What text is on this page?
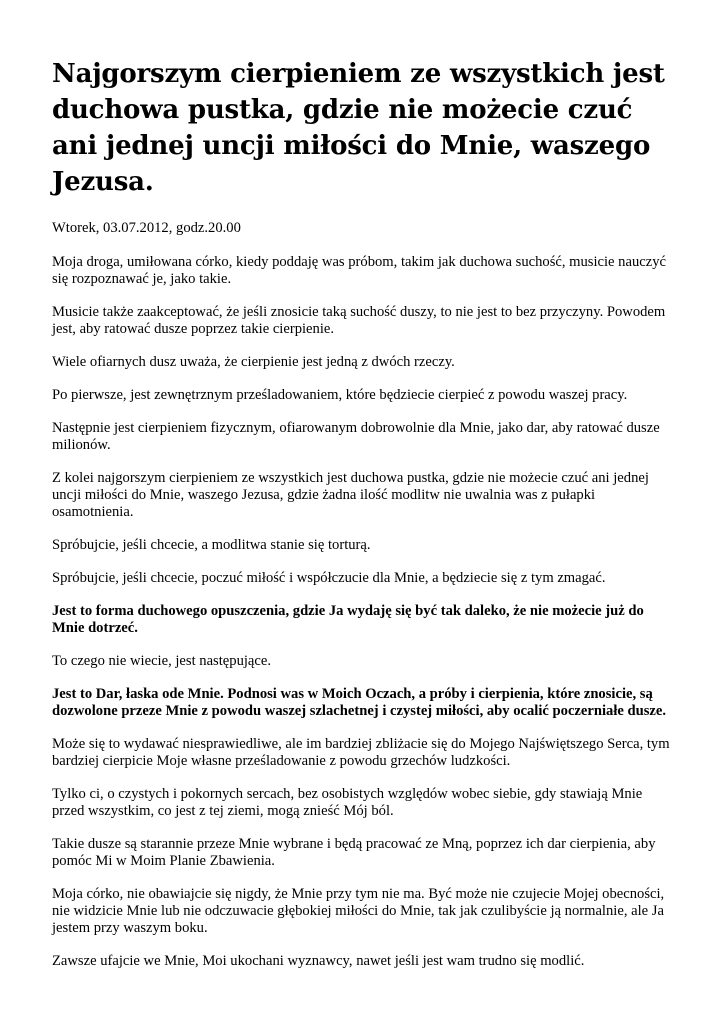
Najgorszym cierpieniem ze wszystkich jest duchowa pustka, gdzie nie możecie czuć ani jednej uncji miłości do Mnie, waszego Jezusa.

Wtorek, 03.07.2012, godz.20.00

Moja droga, umiłowana córko, kiedy poddaję was próbom, takim jak duchowa suchość, musicie nauczyć się rozpoznawać je, jako takie.

Musicie także zaakceptować, że jeśli znosicie taką suchość duszy, to nie jest to bez przyczyny. Powodem jest, aby ratować dusze poprzez takie cierpienie.

Wiele ofiarnych dusz uważa, że cierpienie jest jedną z dwóch rzeczy.

Po pierwsze, jest zewnętrznym prześladowaniem, które będziecie cierpieć z powodu waszej pracy.

Następnie jest cierpieniem fizycznym, ofiarowanym dobrowolnie dla Mnie, jako dar, aby ratować dusze milionów.

Z kolei najgorszym cierpieniem ze wszystkich jest duchowa pustka, gdzie nie możecie czuć ani jednej uncji miłości do Mnie, waszego Jezusa, gdzie żadna ilość modlitw nie uwalnia was z pułapki osamotnienia.

Spróbujcie, jeśli chcecie, a modlitwa stanie się torturą.

Spróbujcie, jeśli chcecie, poczuć miłość i współczucie dla Mnie, a będziecie się z tym zmagać.

Jest to forma duchowego opuszczenia, gdzie Ja wydaję się być tak daleko, że nie możecie już do Mnie dotrzeć.

To czego nie wiecie, jest następujące.

Jest to Dar, łaska ode Mnie. Podnosi was w Moich Oczach, a próby i cierpienia, które znosicie, są dozwolone przeze Mnie z powodu waszej szlachetnej i czystej miłości, aby ocalić poczerniałe dusze.

Może się to wydawać niesprawiedliwe, ale im bardziej zbliżacie się do Mojego Najświętszego Serca, tym bardziej cierpicie Moje własne prześladowanie z powodu grzechów ludzkości.

Tylko ci, o czystych i pokornych sercach, bez osobistych względów wobec siebie, gdy stawiają Mnie przed wszystkim, co jest z tej ziemi, mogą znieść Mój ból.

Takie dusze są starannie przeze Mnie wybrane i będą pracować ze Mną, poprzez ich dar cierpienia, aby pomóc Mi w Moim Planie Zbawienia.

Moja córko, nie obawiajcie się nigdy, że Mnie przy tym nie ma. Być może nie czujecie Mojej obecności, nie widzicie Mnie lub nie odczuwacie głębokiej miłości do Mnie, tak jak czulibyście ją normalnie, ale Ja jestem przy waszym boku.

Zawsze ufajcie we Mnie, Moi ukochani wyznawcy, nawet jeśli jest wam trudno się modlić.
